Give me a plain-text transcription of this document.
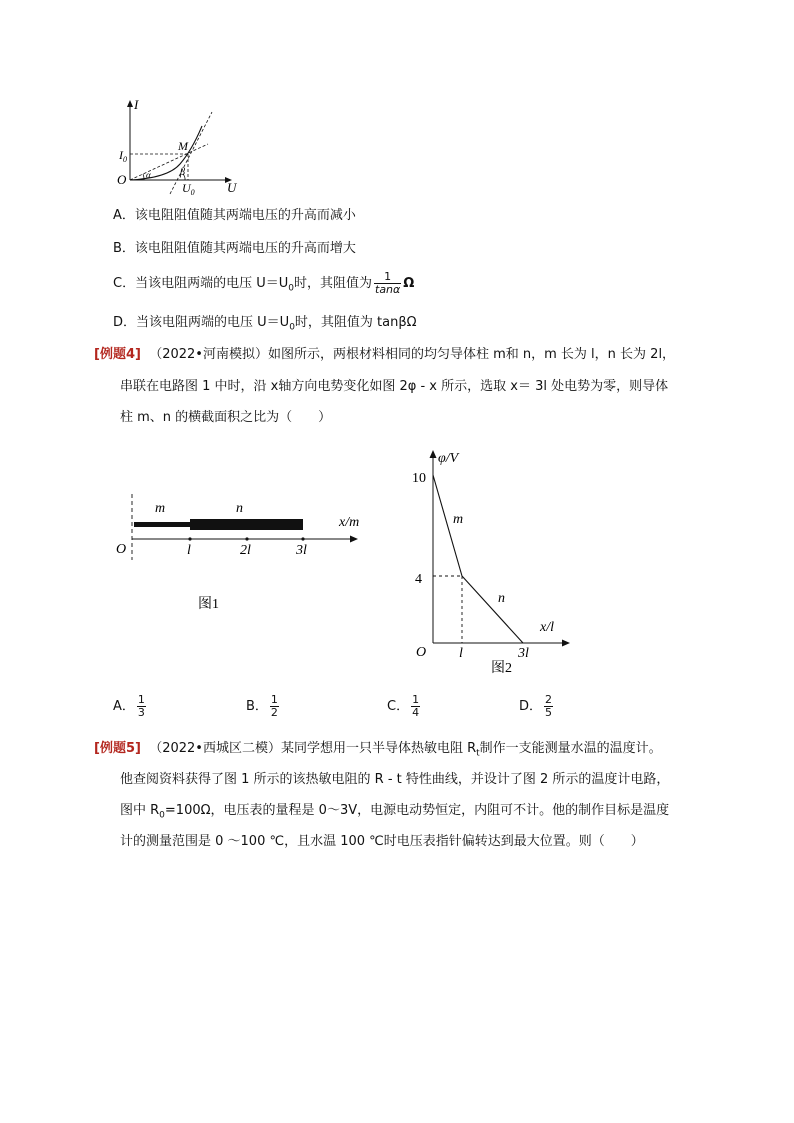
I
U
O
$I_0$
$U_0$
M
α	β
A．该电阻阻值随其两端电压的升高而减小
B．该电阻阻值随其两端电压的升高而增大
C．当该电阻两端的电压 $U=U_0$时，其阻值为 $\frac{1}{\tan\alpha}$ Ω
D．当该电阻两端的电压 $U=U_0$时，其阻值为 tanβΩ
[例题4] （2022•河南模拟）如图所示，两根材料相同的均匀导体柱 m和 n，m 长为 l，n 长为 2l，
串联在电路图 1 中时，沿 x轴方向电势变化如图 2φ - x 所示，选取 x＝ 3l 处电势为零，则导体
柱 m、n 的横截面积之比为（　　）
m	n
x/m
O	l	2l	3l
图1
φ/V
10
4
m
n
x/l
O l	3l
图2
A． $\frac{1}{3}$	B． $\frac{1}{2}$	C． $\frac{1}{4}$	D． $\frac{2}{5}$
[例题5] （2022•西城区二模）某同学想用一只半导体热敏电阻 $R_t$制作一支能测量水温的温度计。
他查阅资料获得了图 1 所示的该热敏电阻的 R - t 特性曲线，并设计了图 2 所示的温度计电路，
图中 $R_0=100\Omega$，电压表的量程是 0～3V，电源电动势恒定，内阻可不计。他的制作目标是温度
计的测量范围是 0 ～100 ℃，且水温 100 ℃时电压表指针偏转达到最大位置。则（　　）
